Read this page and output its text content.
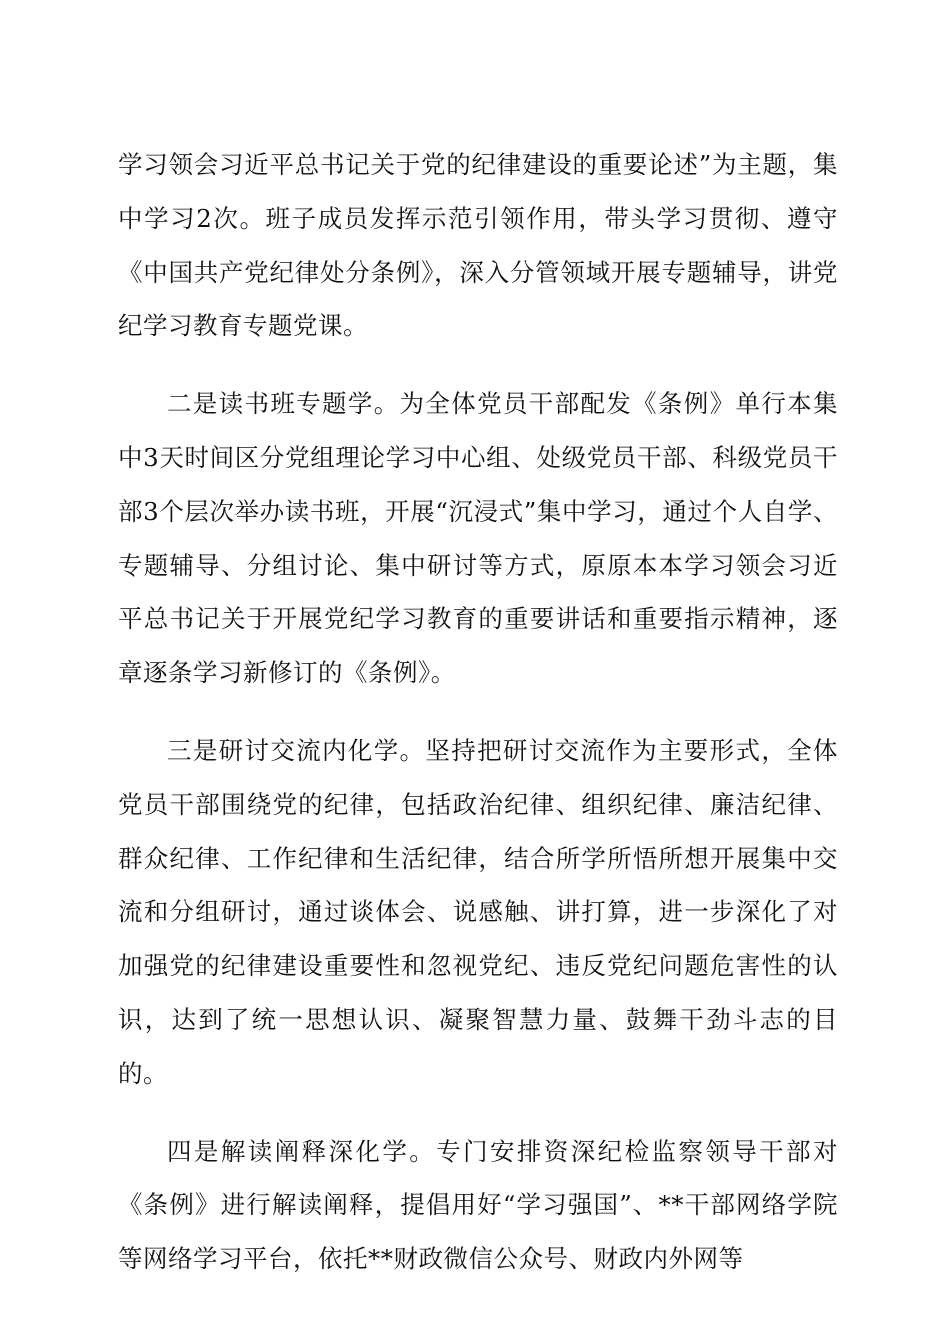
学习领会习近平总书记关于党的纪律建设的重要论述”为主题，集中学习2次。班子成员发挥示范引领作用，带头学习贯彻、遵守《中国共产党纪律处分条例》，深入分管领域开展专题辅导，讲党纪学习教育专题党课。

二是读书班专题学。为全体党员干部配发《条例》单行本集中3天时间区分党组理论学习中心组、处级党员干部、科级党员干部3个层次举办读书班，开展“沉浸式”集中学习，通过个人自学、专题辅导、分组讨论、集中研讨等方式，原原本本学习领会习近平总书记关于开展党纪学习教育的重要讲话和重要指示精神，逐章逐条学习新修订的《条例》。

三是研讨交流内化学。坚持把研讨交流作为主要形式，全体党员干部围绕党的纪律，包括政治纪律、组织纪律、廉洁纪律、群众纪律、工作纪律和生活纪律，结合所学所悟所想开展集中交流和分组研讨，通过谈体会、说感触、讲打算，进一步深化了对加强党的纪律建设重要性和忽视党纪、违反党纪问题危害性的认识，达到了统一思想认识、凝聚智慧力量、鼓舞干劲斗志的目的。

四是解读阐释深化学。专门安排资深纪检监察领导干部对《条例》进行解读阐释，提倡用好“学习强国”、**干部网络学院等网络学习平台，依托**财政微信公众号、财政内外网等
